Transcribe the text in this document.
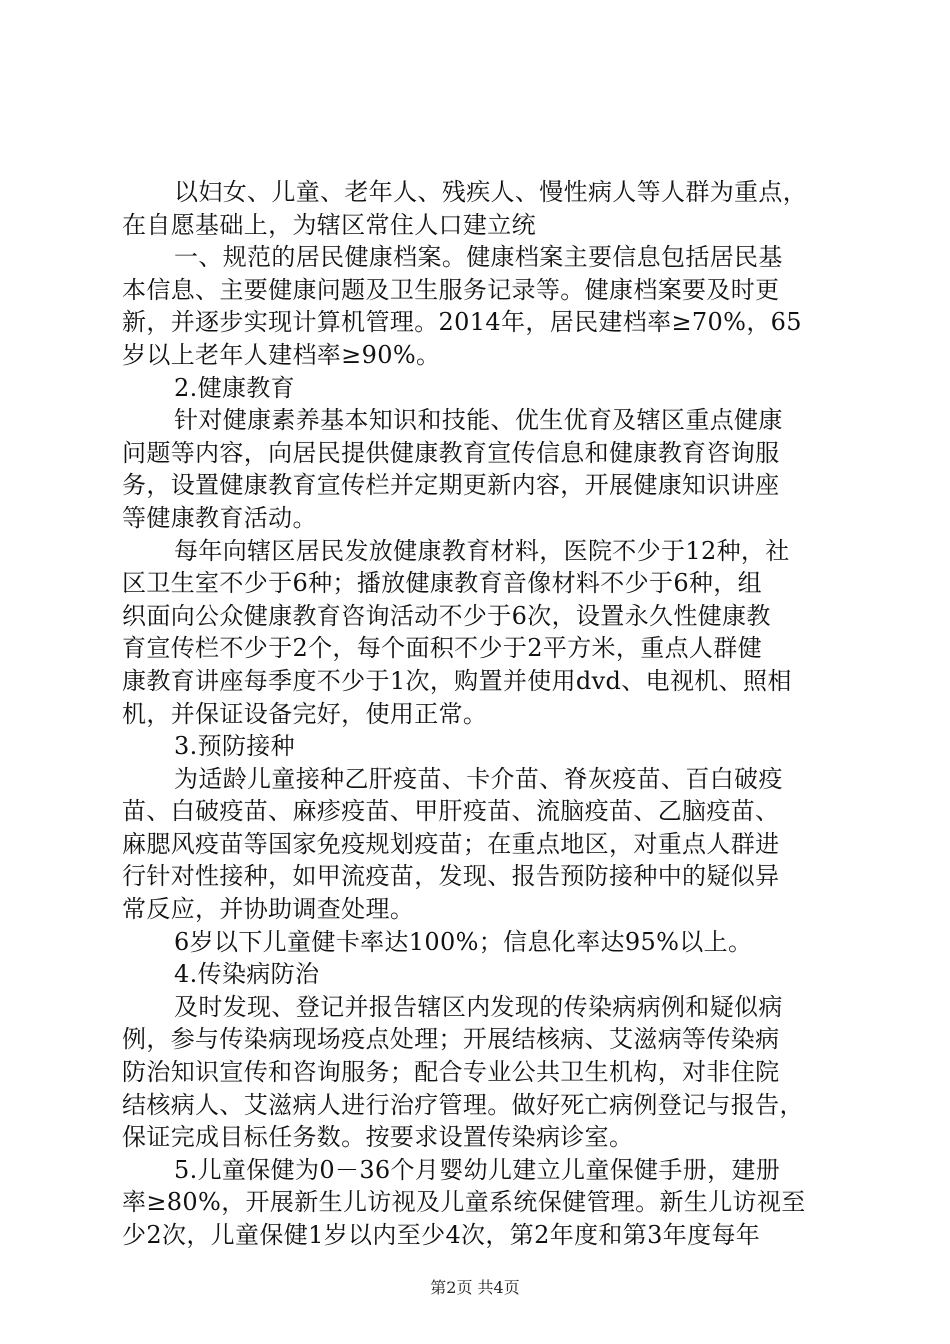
以妇女、儿童、老年人、残疾人、慢性病人等人群为重点，
在自愿基础上，为辖区常住人口建立统
一、规范的居民健康档案。健康档案主要信息包括居民基
本信息、主要健康问题及卫生服务记录等。健康档案要及时更
新，并逐步实现计算机管理。2014年，居民建档率≥70%，65
岁以上老年人建档率≥90%。
2.健康教育
针对健康素养基本知识和技能、优生优育及辖区重点健康
问题等内容，向居民提供健康教育宣传信息和健康教育咨询服
务，设置健康教育宣传栏并定期更新内容，开展健康知识讲座
等健康教育活动。
每年向辖区居民发放健康教育材料，医院不少于12种，社
区卫生室不少于6种；播放健康教育音像材料不少于6种，组
织面向公众健康教育咨询活动不少于6次，设置永久性健康教
育宣传栏不少于2个，每个面积不少于2平方米，重点人群健
康教育讲座每季度不少于1次，购置并使用dvd、电视机、照相
机，并保证设备完好，使用正常。
3.预防接种
为适龄儿童接种乙肝疫苗、卡介苗、脊灰疫苗、百白破疫
苗、白破疫苗、麻疹疫苗、甲肝疫苗、流脑疫苗、乙脑疫苗、
麻腮风疫苗等国家免疫规划疫苗；在重点地区，对重点人群进
行针对性接种，如甲流疫苗，发现、报告预防接种中的疑似异
常反应，并协助调查处理。
6岁以下儿童健卡率达100%；信息化率达95%以上。
4.传染病防治
及时发现、登记并报告辖区内发现的传染病病例和疑似病
例，参与传染病现场疫点处理；开展结核病、艾滋病等传染病
防治知识宣传和咨询服务；配合专业公共卫生机构，对非住院
结核病人、艾滋病人进行治疗管理。做好死亡病例登记与报告，
保证完成目标任务数。按要求设置传染病诊室。
5.儿童保健为0－36个月婴幼儿建立儿童保健手册，建册
率≥80%，开展新生儿访视及儿童系统保健管理。新生儿访视至
少2次，儿童保健1岁以内至少4次，第2年度和第3年度每年
第2页 共4页
